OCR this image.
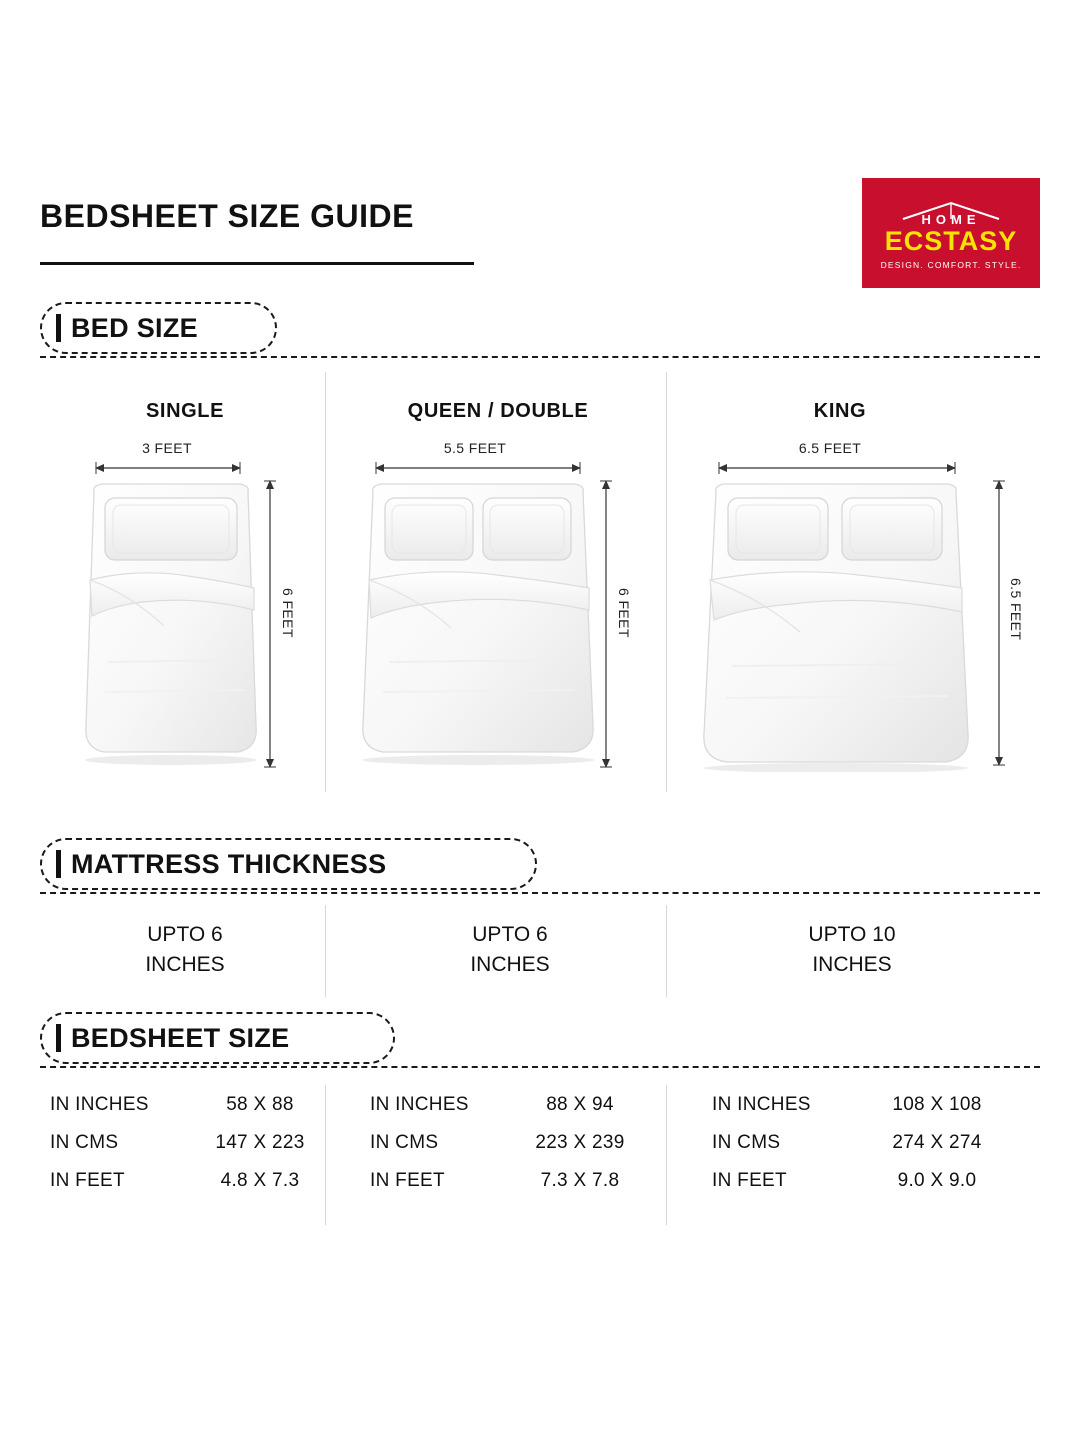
BEDSHEET SIZE GUIDE	HOME
ECSTASY
DESIGN. COMFORT. STYLE.
BED SIZE
SINGLE	QUEEN / DOUBLE	KING
3 FEET
6 FEET
5.5 FEET
6 FEET
6.5 FEET
6.5 FEET
MATTRESS THICKNESS
UPTO 6
INCHES
UPTO 6
INCHES
UPTO 10
INCHES
BEDSHEET SIZE
IN INCHES	58 X 88
IN CMS	147 X 223
IN FEET	4.8 X 7.3
IN INCHES	88 X 94
IN CMS	223 X 239
IN FEET	7.3 X 7.8
IN INCHES	108 X 108
IN CMS	274 X 274
IN FEET	9.0 X 9.0
